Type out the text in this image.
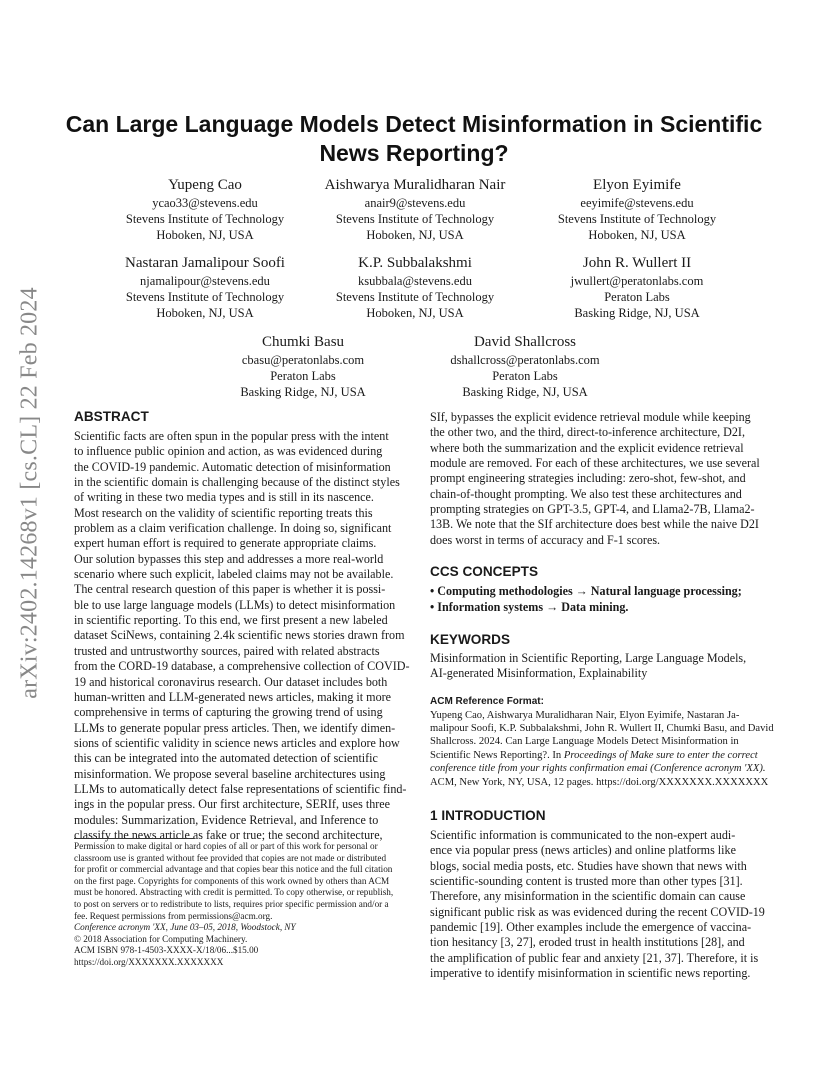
arXiv:2402.14268v1 [cs.CL] 22 Feb 2024
Can Large Language Models Detect Misinformation in Scientific
News Reporting?
Yupeng Cao
ycao33@stevens.edu
Stevens Institute of Technology
Hoboken, NJ, USA
Aishwarya Muralidharan Nair
anair9@stevens.edu
Stevens Institute of Technology
Hoboken, NJ, USA
Elyon Eyimife
eeyimife@stevens.edu
Stevens Institute of Technology
Hoboken, NJ, USA
Nastaran Jamalipour Soofi
njamalipour@stevens.edu
Stevens Institute of Technology
Hoboken, NJ, USA
K.P. Subbalakshmi
ksubbala@stevens.edu
Stevens Institute of Technology
Hoboken, NJ, USA
John R. Wullert II
jwullert@peratonlabs.com
Peraton Labs
Basking Ridge, NJ, USA
Chumki Basu
cbasu@peratonlabs.com
Peraton Labs
Basking Ridge, NJ, USA
David Shallcross
dshallcross@peratonlabs.com
Peraton Labs
Basking Ridge, NJ, USA
ABSTRACT
Scientific facts are often spun in the popular press with the intent
to influence public opinion and action, as was evidenced during
the COVID-19 pandemic. Automatic detection of misinformation
in the scientific domain is challenging because of the distinct styles
of writing in these two media types and is still in its nascence.
Most research on the validity of scientific reporting treats this
problem as a claim verification challenge. In doing so, significant
expert human effort is required to generate appropriate claims.
Our solution bypasses this step and addresses a more real-world
scenario where such explicit, labeled claims may not be available.
The central research question of this paper is whether it is possi-
ble to use large language models (LLMs) to detect misinformation
in scientific reporting. To this end, we first present a new labeled
dataset SciNews, containing 2.4k scientific news stories drawn from
trusted and untrustworthy sources, paired with related abstracts
from the CORD-19 database, a comprehensive collection of COVID-
19 and historical coronavirus research. Our dataset includes both
human-written and LLM-generated news articles, making it more
comprehensive in terms of capturing the growing trend of using
LLMs to generate popular press articles. Then, we identify dimen-
sions of scientific validity in science news articles and explore how
this can be integrated into the automated detection of scientific
misinformation. We propose several baseline architectures using
LLMs to automatically detect false representations of scientific find-
ings in the popular press. Our first architecture, SERIf, uses three
modules: Summarization, Evidence Retrieval, and Inference to
classify the news article as fake or true; the second architecture,
Permission to make digital or hard copies of all or part of this work for personal or
classroom use is granted without fee provided that copies are not made or distributed
for profit or commercial advantage and that copies bear this notice and the full citation
on the first page. Copyrights for components of this work owned by others than ACM
must be honored. Abstracting with credit is permitted. To copy otherwise, or republish,
to post on servers or to redistribute to lists, requires prior specific permission and/or a
fee. Request permissions from permissions@acm.org.
Conference acronym 'XX, June 03–05, 2018, Woodstock, NY
© 2018 Association for Computing Machinery.
ACM ISBN 978-1-4503-XXXX-X/18/06...$15.00
https://doi.org/XXXXXXX.XXXXXXX
SIf, bypasses the explicit evidence retrieval module while keeping
the other two, and the third, direct-to-inference architecture, D2I,
where both the summarization and the explicit evidence retrieval
module are removed. For each of these architectures, we use several
prompt engineering strategies including: zero-shot, few-shot, and
chain-of-thought prompting. We also test these architectures and
prompting strategies on GPT-3.5, GPT-4, and Llama2-7B, Llama2-
13B. We note that the SIf architecture does best while the naive D2I
does worst in terms of accuracy and F-1 scores.
CCS CONCEPTS
• Computing methodologies → Natural language processing;
• Information systems → Data mining.
KEYWORDS
Misinformation in Scientific Reporting, Large Language Models,
AI-generated Misinformation, Explainability
ACM Reference Format:
Yupeng Cao, Aishwarya Muralidharan Nair, Elyon Eyimife, Nastaran Ja-
malipour Soofi, K.P. Subbalakshmi, John R. Wullert II, Chumki Basu, and David
Shallcross. 2024. Can Large Language Models Detect Misinformation in
Scientific News Reporting?. In Proceedings of Make sure to enter the correct
conference title from your rights confirmation emai (Conference acronym 'XX).
ACM, New York, NY, USA, 12 pages. https://doi.org/XXXXXXX.XXXXXXX
1 INTRODUCTION
Scientific information is communicated to the non-expert audi-
ence via popular press (news articles) and online platforms like
blogs, social media posts, etc. Studies have shown that news with
scientific-sounding content is trusted more than other types [31].
Therefore, any misinformation in the scientific domain can cause
significant public risk as was evidenced during the recent COVID-19
pandemic [19]. Other examples include the emergence of vaccina-
tion hesitancy [3, 27], eroded trust in health institutions [28], and
the amplification of public fear and anxiety [21, 37]. Therefore, it is
imperative to identify misinformation in scientific news reporting.
